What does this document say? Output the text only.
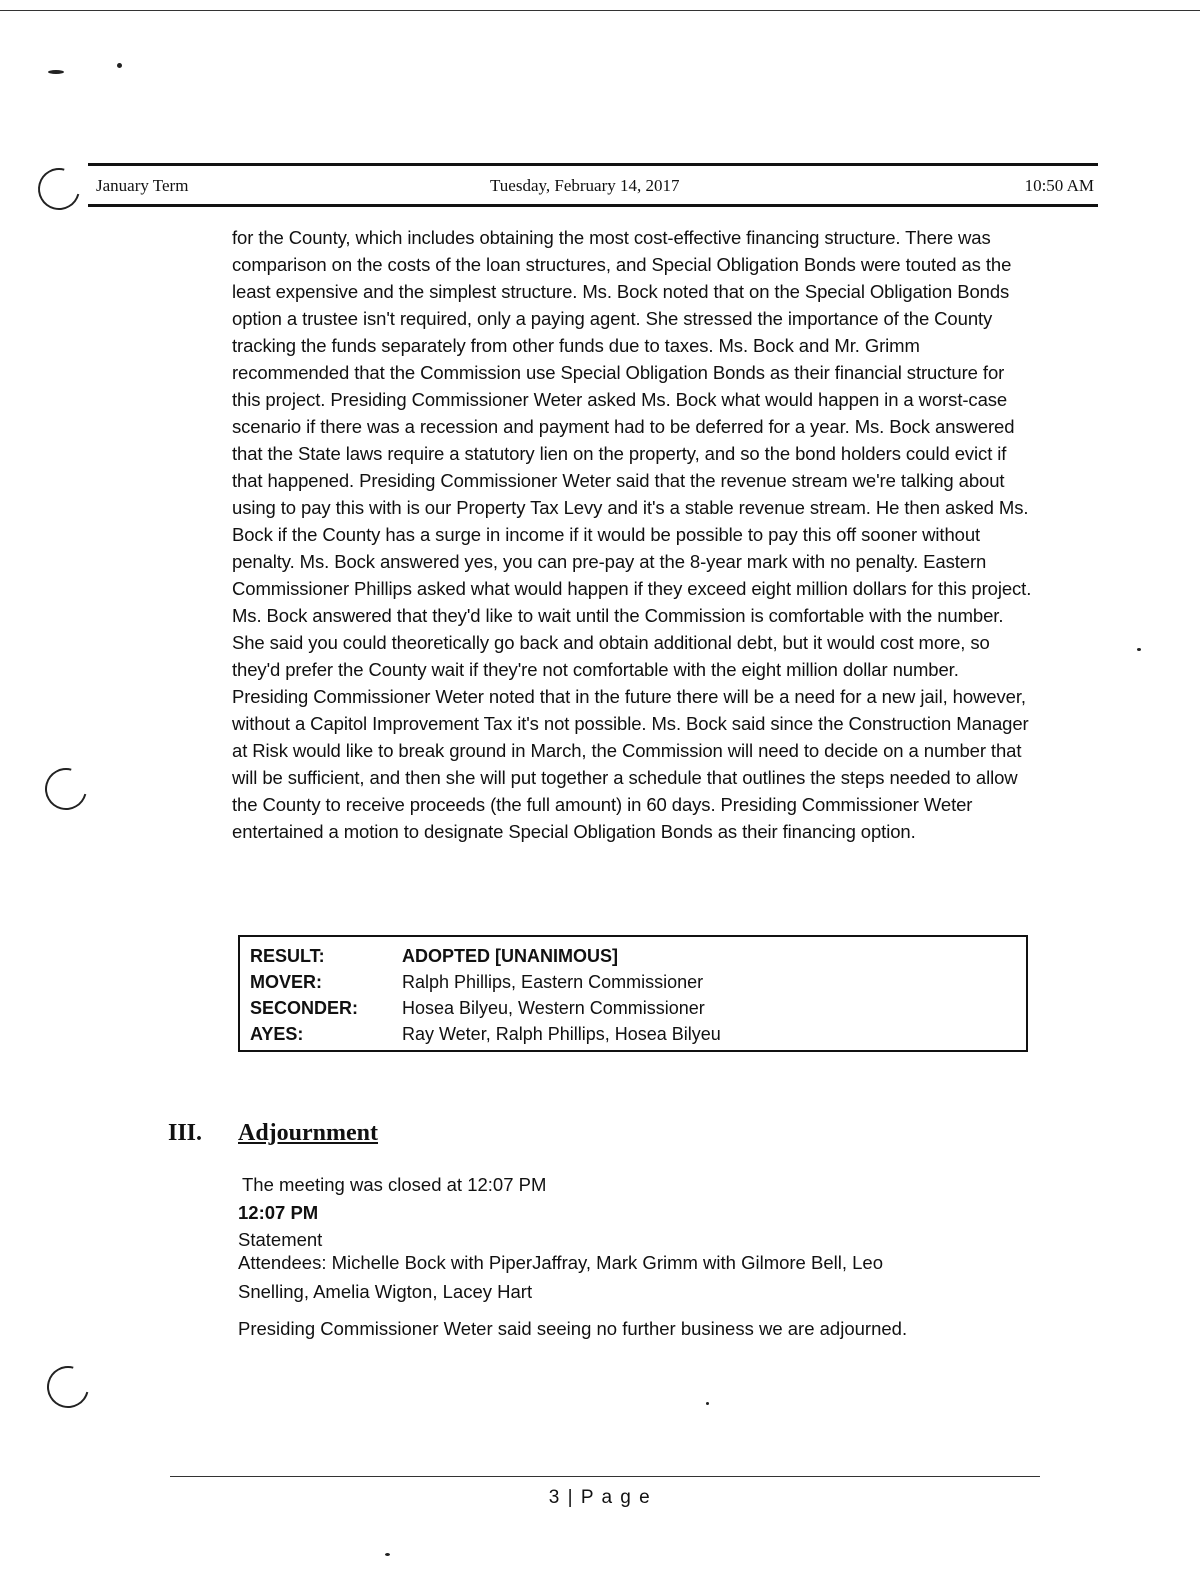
January Term	Tuesday, February 14, 2017	10:50 AM
for the County, which includes obtaining the most cost-effective financing structure. There was comparison on the costs of the loan structures, and Special Obligation Bonds were touted as the least expensive and the simplest structure. Ms. Bock noted that on the Special Obligation Bonds option a trustee isn't required, only a paying agent. She stressed the importance of the County tracking the funds separately from other funds due to taxes. Ms. Bock and Mr. Grimm recommended that the Commission use Special Obligation Bonds as their financial structure for this project. Presiding Commissioner Weter asked Ms. Bock what would happen in a worst-case scenario if there was a recession and payment had to be deferred for a year. Ms. Bock answered that the State laws require a statutory lien on the property, and so the bond holders could evict if that happened. Presiding Commissioner Weter said that the revenue stream we're talking about using to pay this with is our Property Tax Levy and it's a stable revenue stream. He then asked Ms. Bock if the County has a surge in income if it would be possible to pay this off sooner without penalty. Ms. Bock answered yes, you can pre-pay at the 8-year mark with no penalty. Eastern Commissioner Phillips asked what would happen if they exceed eight million dollars for this project. Ms. Bock answered that they'd like to wait until the Commission is comfortable with the number. She said you could theoretically go back and obtain additional debt, but it would cost more, so they'd prefer the County wait if they're not comfortable with the eight million dollar number. Presiding Commissioner Weter noted that in the future there will be a need for a new jail, however, without a Capitol Improvement Tax it's not possible. Ms. Bock said since the Construction Manager at Risk would like to break ground in March, the Commission will need to decide on a number that will be sufficient, and then she will put together a schedule that outlines the steps needed to allow the County to receive proceeds (the full amount) in 60 days. Presiding Commissioner Weter entertained a motion to designate Special Obligation Bonds as their financing option.
RESULT:	ADOPTED [UNANIMOUS]
MOVER:	Ralph Phillips, Eastern Commissioner
SECONDER:	Hosea Bilyeu, Western Commissioner
AYES:	Ray Weter, Ralph Phillips, Hosea Bilyeu
III.	Adjournment
The meeting was closed at 12:07 PM
12:07 PM
Statement
Attendees: Michelle Bock with PiperJaffray, Mark Grimm with Gilmore Bell, Leo
Snelling, Amelia Wigton, Lacey Hart
Presiding Commissioner Weter said seeing no further business we are adjourned.
3 | P a g e
